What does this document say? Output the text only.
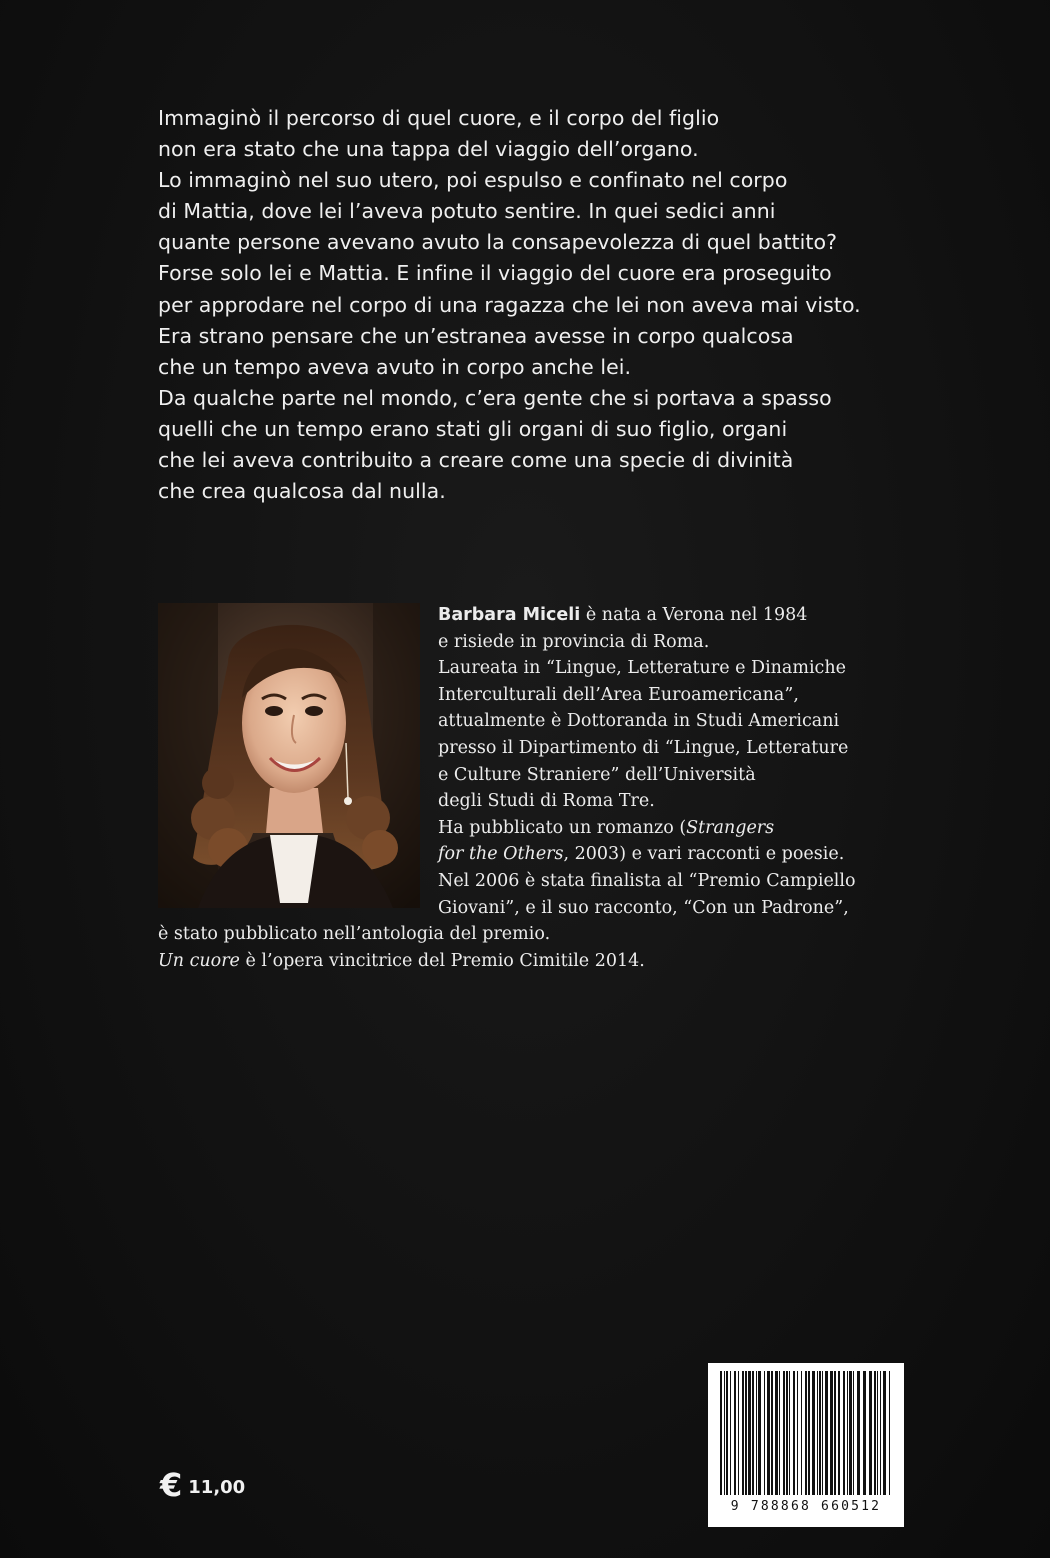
Immaginò il percorso di quel cuore, e il corpo del figlio
non era stato che una tappa del viaggio dell’organo.
Lo immaginò nel suo utero, poi espulso e confinato nel corpo
di Mattia, dove lei l’aveva potuto sentire. In quei sedici anni
quante persone avevano avuto la consapevolezza di quel battito?
Forse solo lei e Mattia. E infine il viaggio del cuore era proseguito
per approdare nel corpo di una ragazza che lei non aveva mai visto.
Era strano pensare che un’estranea avesse in corpo qualcosa
che un tempo aveva avuto in corpo anche lei.
Da qualche parte nel mondo, c’era gente che si portava a spasso
quelli che un tempo erano stati gli organi di suo figlio, organi
che lei aveva contribuito a creare come una specie di divinità
che crea qualcosa dal nulla.
Barbara Miceli è nata a Verona nel 1984
e risiede in provincia di Roma.
Laureata in “Lingue, Letterature e Dinamiche
Interculturali dell’Area Euroamericana”,
attualmente è Dottoranda in Studi Americani
presso il Dipartimento di “Lingue, Letterature
e Culture Straniere” dell’Università
degli Studi di Roma Tre.
Ha pubblicato un romanzo (Strangers
for the Others, 2003) e vari racconti e poesie.
Nel 2006 è stata finalista al “Premio Campiello
Giovani”, e il suo racconto, “Con un Padrone”,
è stato pubblicato nell’antologia del premio.
Un cuore è l’opera vincitrice del Premio Cimitile 2014.
€ 11,00
9 788868 660512
